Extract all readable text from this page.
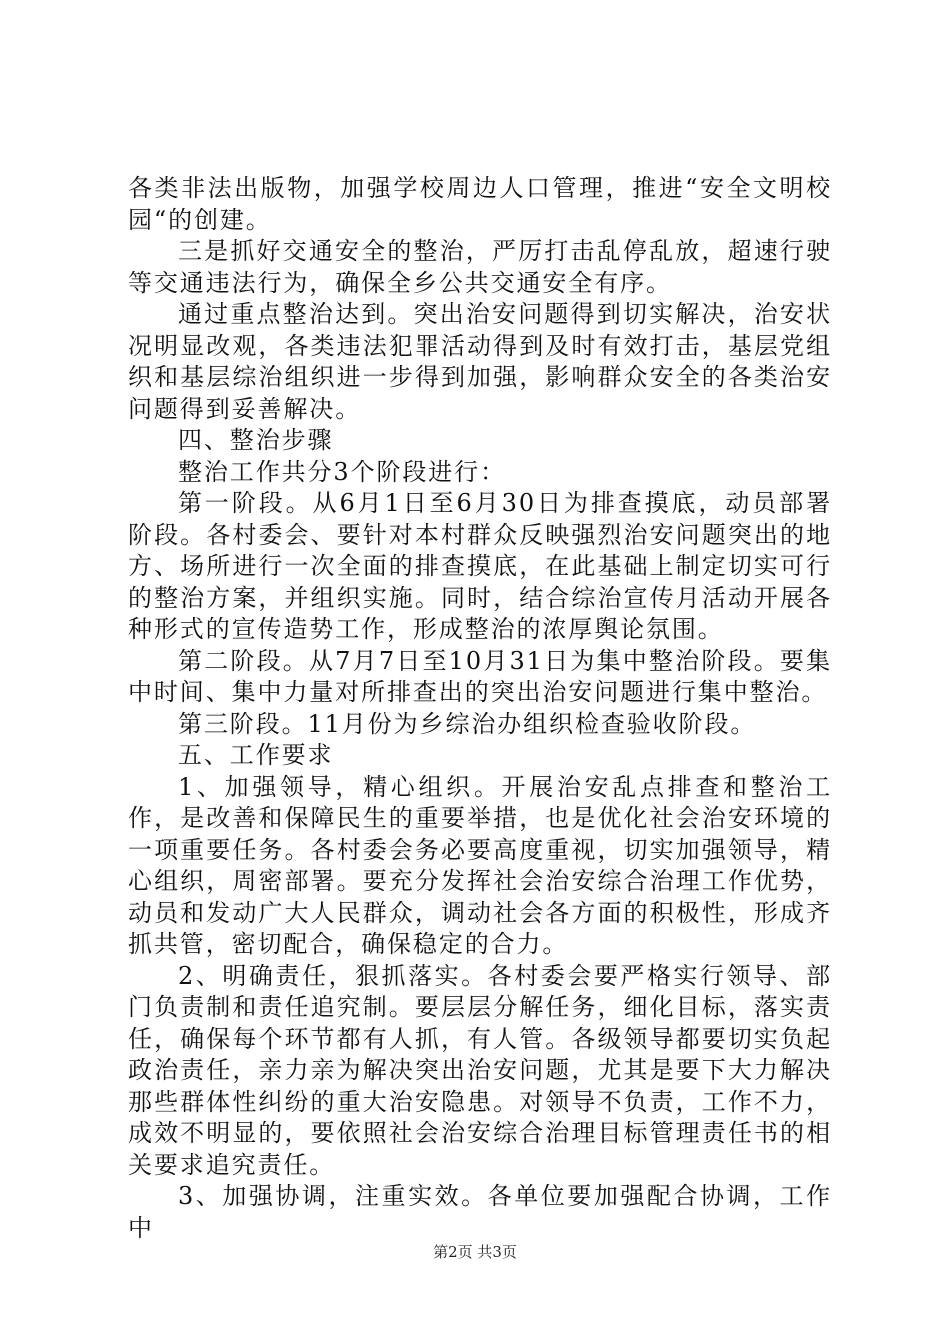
各类非法出版物，加强学校周边人口管理，推进“安全文明校园“的创建。

三是抓好交通安全的整治，严厉打击乱停乱放，超速行驶等交通违法行为，确保全乡公共交通安全有序。

通过重点整治达到。突出治安问题得到切实解决，治安状况明显改观，各类违法犯罪活动得到及时有效打击，基层党组织和基层综治组织进一步得到加强，影响群众安全的各类治安问题得到妥善解决。

四、整治步骤

整治工作共分3个阶段进行：

第一阶段。从6月1日至6月30日为排查摸底，动员部署阶段。各村委会、要针对本村群众反映强烈治安问题突出的地方、场所进行一次全面的排查摸底，在此基础上制定切实可行的整治方案，并组织实施。同时，结合综治宣传月活动开展各种形式的宣传造势工作，形成整治的浓厚舆论氛围。

第二阶段。从7月7日至10月31日为集中整治阶段。要集中时间、集中力量对所排查出的突出治安问题进行集中整治。

第三阶段。11月份为乡综治办组织检查验收阶段。

五、工作要求

1、加强领导，精心组织。开展治安乱点排查和整治工作，是改善和保障民生的重要举措，也是优化社会治安环境的一项重要任务。各村委会务必要高度重视，切实加强领导，精心组织，周密部署。要充分发挥社会治安综合治理工作优势，动员和发动广大人民群众，调动社会各方面的积极性，形成齐抓共管，密切配合，确保稳定的合力。

2、明确责任，狠抓落实。各村委会要严格实行领导、部门负责制和责任追究制。要层层分解任务，细化目标，落实责任，确保每个环节都有人抓，有人管。各级领导都要切实负起政治责任，亲力亲为解决突出治安问题，尤其是要下大力解决那些群体性纠纷的重大治安隐患。对领导不负责，工作不力，成效不明显的，要依照社会治安综合治理目标管理责任书的相关要求追究责任。

3、加强协调，注重实效。各单位要加强配合协调，工作中

第2页 共3页
